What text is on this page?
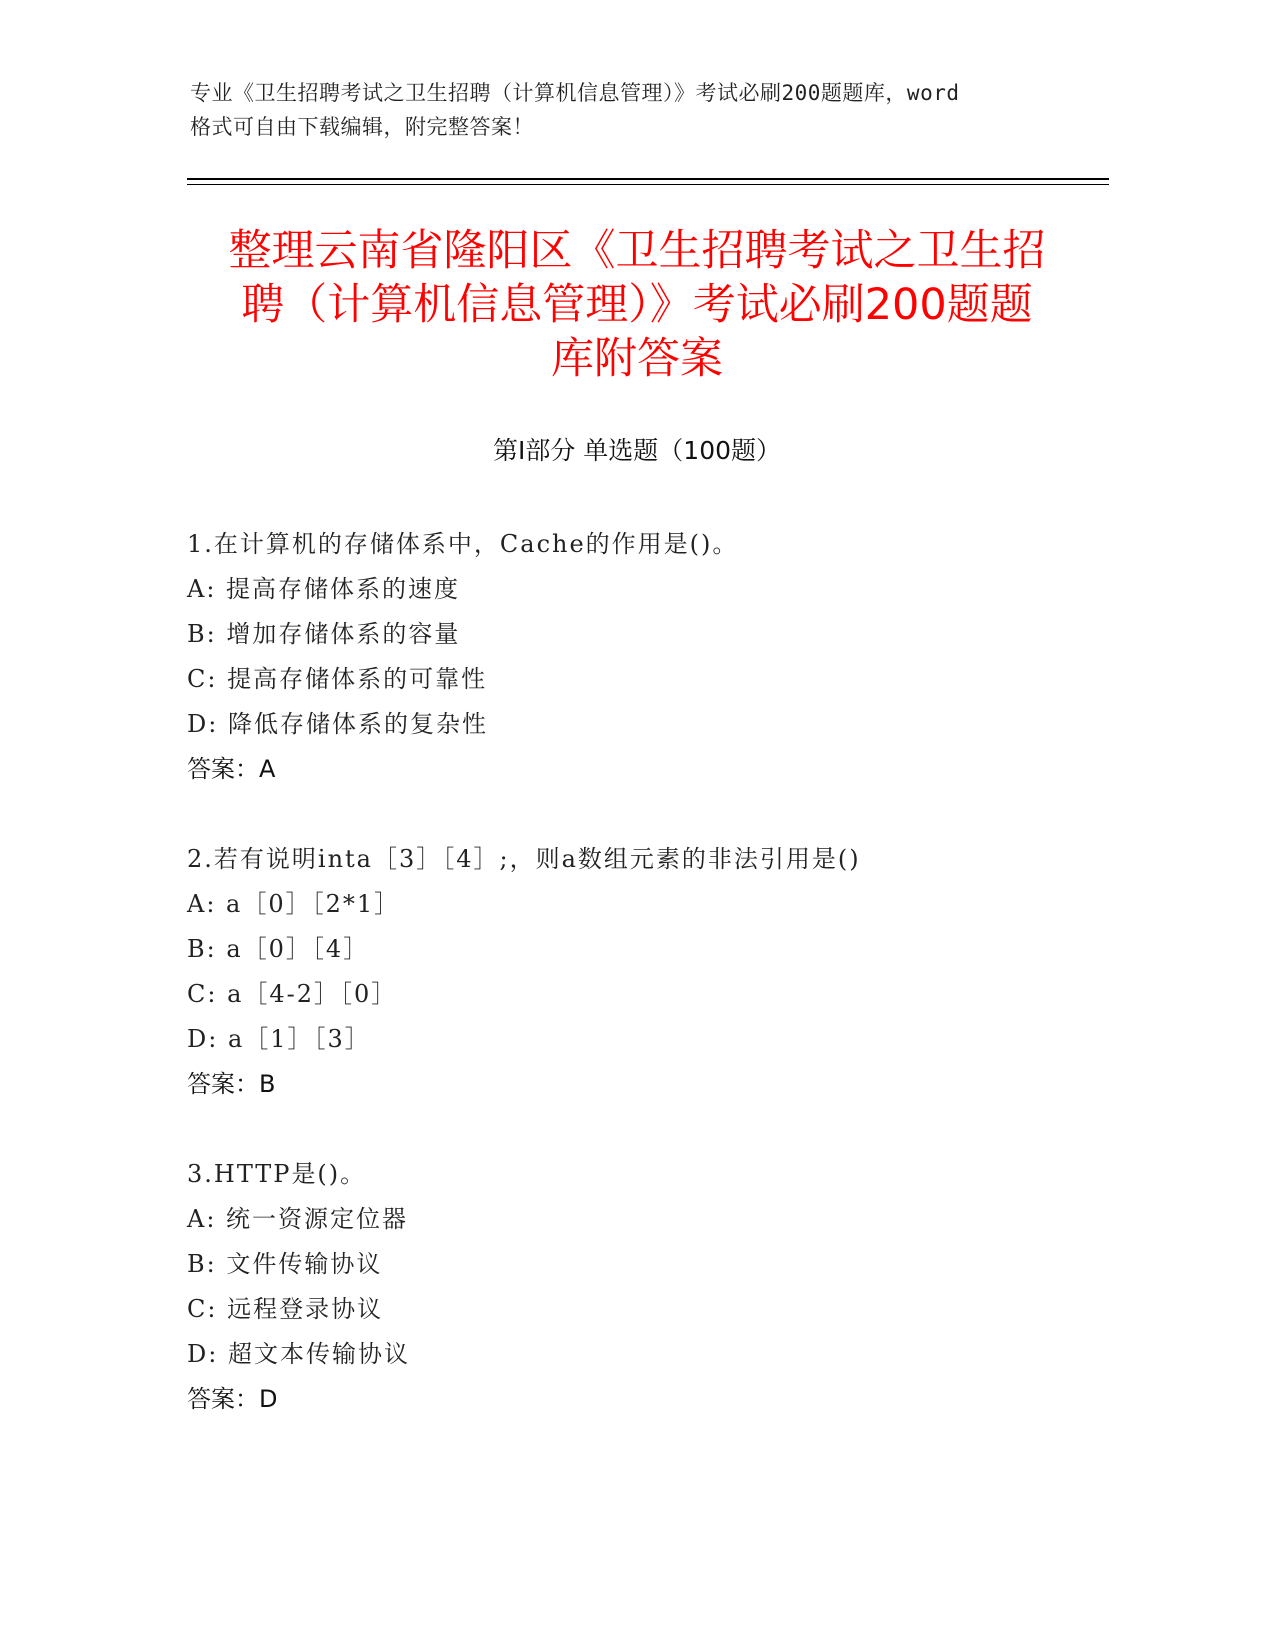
专业《卫生招聘考试之卫生招聘（计算机信息管理）》考试必刷200题题库，word
格式可自由下载编辑，附完整答案！
整理云南省隆阳区《卫生招聘考试之卫生招
聘（计算机信息管理）》考试必刷200题题
库附答案
第Ⅰ部分 单选题（100题）
1.在计算机的存储体系中，Cache的作用是()。
A: 提高存储体系的速度
B: 增加存储体系的容量
C: 提高存储体系的可靠性
D: 降低存储体系的复杂性
答案：A
2.若有说明inta［3］［4］;，则a数组元素的非法引用是()
A: a［0］［2*1］
B: a［0］［4］
C: a［4-2］［0］
D: a［1］［3］
答案：B
3.HTTP是()。
A: 统一资源定位器
B: 文件传输协议
C: 远程登录协议
D: 超文本传输协议
答案：D
